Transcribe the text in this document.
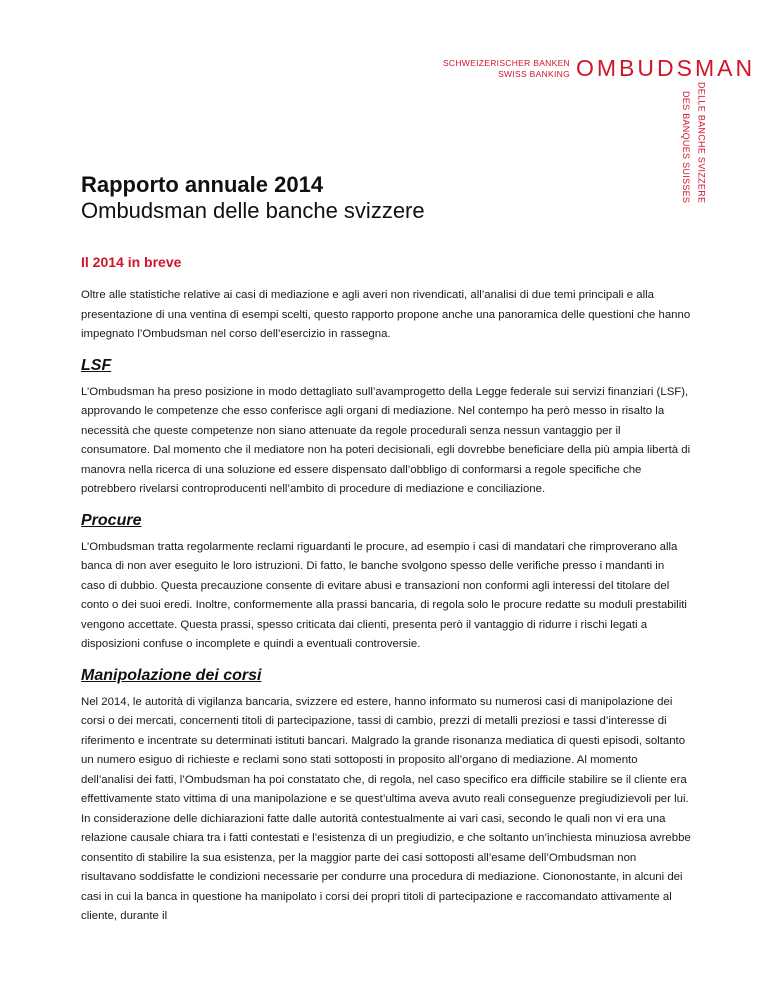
SCHWEIZERISCHER BANKEN
SWISS BANKING OMBUDSMAN
DES BANQUES SUISSES DELLE BANCHE SVIZZERE
Rapporto annuale 2014
Ombudsman delle banche svizzere
Il 2014 in breve

Oltre alle statistiche relative ai casi di mediazione e agli averi non rivendicati, all’analisi di due temi principali e alla presentazione di una ventina di esempi scelti, questo rapporto propone anche una panoramica delle questioni che hanno impegnato l’Ombudsman nel corso dell’esercizio in rassegna.

LSF

L’Ombudsman ha preso posizione in modo dettagliato sull’avamprogetto della Legge federale sui servizi finanziari (LSF), approvando le competenze che esso conferisce agli organi di mediazione. Nel contempo ha però messo in risalto la necessità che queste competenze non siano attenuate da regole procedurali senza nessun vantaggio per il consumatore. Dal momento che il mediatore non ha poteri decisionali, egli dovrebbe beneficiare della più ampia libertà di manovra nella ricerca di una soluzione ed essere dispensato dall’obbligo di conformarsi a regole specifiche che potrebbero rivelarsi controproducenti nell’ambito di procedure di mediazione e conciliazione.

Procure

L’Ombudsman tratta regolarmente reclami riguardanti le procure, ad esempio i casi di mandatari che rimproverano alla banca di non aver eseguito le loro istruzioni. Di fatto, le banche svolgono spesso delle verifiche presso i mandanti in caso di dubbio. Questa precauzione consente di evitare abusi e transazioni non conformi agli interessi del titolare del conto o dei suoi eredi. Inoltre, conformemente alla prassi bancaria, di regola solo le procure redatte su moduli prestabiliti vengono accettate. Questa prassi, spesso criticata dai clienti, presenta però il vantaggio di ridurre i rischi legati a disposizioni confuse o incomplete e quindi a eventuali controversie.

Manipolazione dei corsi

Nel 2014, le autorità di vigilanza bancaria, svizzere ed estere, hanno informato su numerosi casi di manipolazione dei corsi o dei mercati, concernenti titoli di partecipazione, tassi di cambio, prezzi di metalli preziosi e tassi d’interesse di riferimento e incentrate su determinati istituti bancari. Malgrado la grande risonanza mediatica di questi episodi, soltanto un numero esiguo di richieste e reclami sono stati sottoposti in proposito all’organo di mediazione. Al momento dell’analisi dei fatti, l’Ombudsman ha poi constatato che, di regola, nel caso specifico era difficile stabilire se il cliente era effettivamente stato vittima di una manipolazione e se quest’ultima aveva avuto reali conseguenze pregiudizievoli per lui. In considerazione delle dichiarazioni fatte dalle autorità contestualmente ai vari casi, secondo le quali non vi era una relazione causale chiara tra i fatti contestati e l’esistenza di un pregiudizio, e che soltanto un’inchiesta minuziosa avrebbe consentito di stabilire la sua esistenza, per la maggior parte dei casi sottoposti all’esame dell’Ombudsman non risultavano soddisfatte le condizioni necessarie per condurre una procedura di mediazione. Ciononostante, in alcuni dei casi in cui la banca in questione ha manipolato i corsi dei propri titoli di partecipazione e raccomandato attivamente al cliente, durante il
